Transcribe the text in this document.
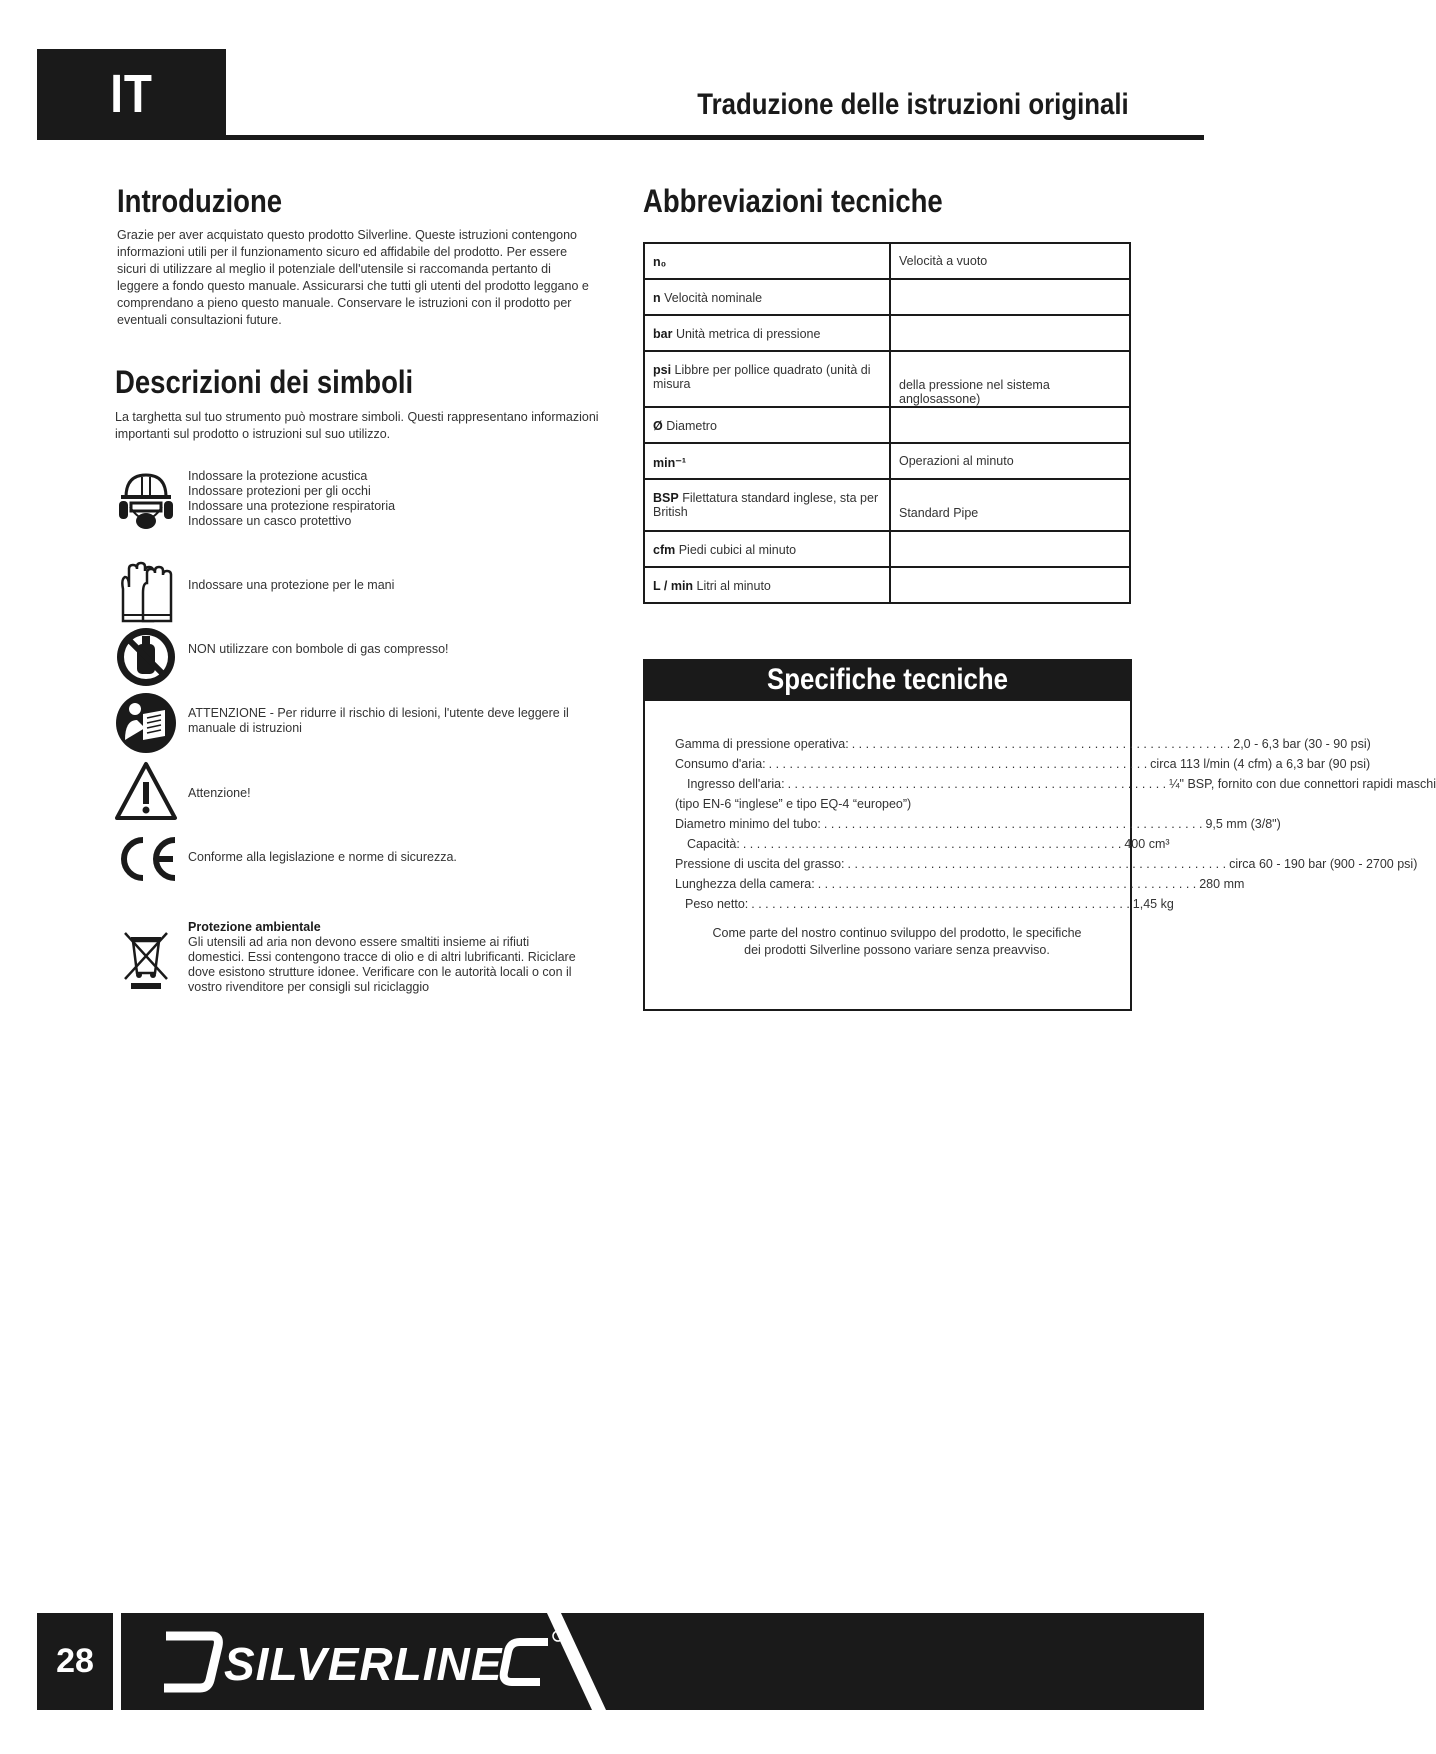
IT	Traduzione delle istruzioni originali
Introduzione
Grazie per aver acquistato questo prodotto Silverline. Queste istruzioni contengono informazioni utili per il funzionamento sicuro ed affidabile del prodotto. Per essere sicuri di utilizzare al meglio il potenziale dell'utensile si raccomanda pertanto di leggere a fondo questo manuale. Assicurarsi che tutti gli utenti del prodotto leggano e comprendano a pieno questo manuale. Conservare le istruzioni con il prodotto per eventuali consultazioni future.
Descrizioni dei simboli
La targhetta sul tuo strumento può mostrare simboli. Questi rappresentano informazioni importanti sul prodotto o istruzioni sul suo utilizzo.
Indossare la protezione acustica
Indossare protezioni per gli occhi
Indossare una protezione respiratoria
Indossare un casco protettivo
Indossare una protezione per le mani
NON utilizzare con bombole di gas compresso!
ATTENZIONE - Per ridurre il rischio di lesioni, l'utente deve leggere il manuale di istruzioni
Attenzione!
Conforme alla legislazione e norme di sicurezza.
Protezione ambientale
Gli utensili ad aria non devono essere smaltiti insieme ai rifiuti domestici. Essi contengono tracce di olio e di altri lubrificanti. Riciclare dove esistono strutture idonee. Verificare con le autorità locali o con il vostro rivenditore per consigli sul riciclaggio
Abbreviazioni tecniche
n₀	Velocità a vuoto
n Velocità nominale	
bar Unità metrica di pressione	
psi Libbre per pollice quadrato (unità di misura	della pressione nel sistema anglosassone)
Ø Diametro	
min⁻¹	Operazioni al minuto
BSP Filettatura standard inglese, sta per British	Standard Pipe
cfm Piedi cubici al minuto	
L / min Litri al minuto	
Specifiche tecniche
Gamma di pressione operativa: . . . . . . . . . . . . . . . . . . . . . . . . . . . . . . . . . . . . . . . . . . . . . . . . . . . . . . . 2,0 - 6,3 bar (30 - 90 psi)
Consumo d'aria: . . . . . . . . . . . . . . . . . . . . . . . . . . . . . . . . . . . . . . . . . . . . . . . . . . . . . . . circa 113 l/min (4 cfm) a 6,3 bar (90 psi)
Ingresso dell'aria: . . . . . . . . . . . . . . . . . . . . . . . . . . . . . . . . . . . . . . . . . . . . . . . . . . . . . . . ¼" BSP, fornito con due connettori rapidi maschi
(tipo EN-6 “inglese” e tipo EQ-4 “europeo”)
Diametro minimo del tubo: . . . . . . . . . . . . . . . . . . . . . . . . . . . . . . . . . . . . . . . . . . . . . . . . . . . . . . . 9,5 mm (3/8")
Capacità: . . . . . . . . . . . . . . . . . . . . . . . . . . . . . . . . . . . . . . . . . . . . . . . . . . . . . . . 400 cm³
Pressione di uscita del grasso: . . . . . . . . . . . . . . . . . . . . . . . . . . . . . . . . . . . . . . . . . . . . . . . . . . . . . . . circa 60 - 190 bar (900 - 2700 psi)
Lunghezza della camera: . . . . . . . . . . . . . . . . . . . . . . . . . . . . . . . . . . . . . . . . . . . . . . . . . . . . . . . 280 mm
Peso netto: . . . . . . . . . . . . . . . . . . . . . . . . . . . . . . . . . . . . . . . . . . . . . . . . . . . . . . . 1,45 kg
Come parte del nostro continuo sviluppo del prodotto, le specifiche dei prodotti Silverline possono variare senza preavviso.
28	SILVERLINE
